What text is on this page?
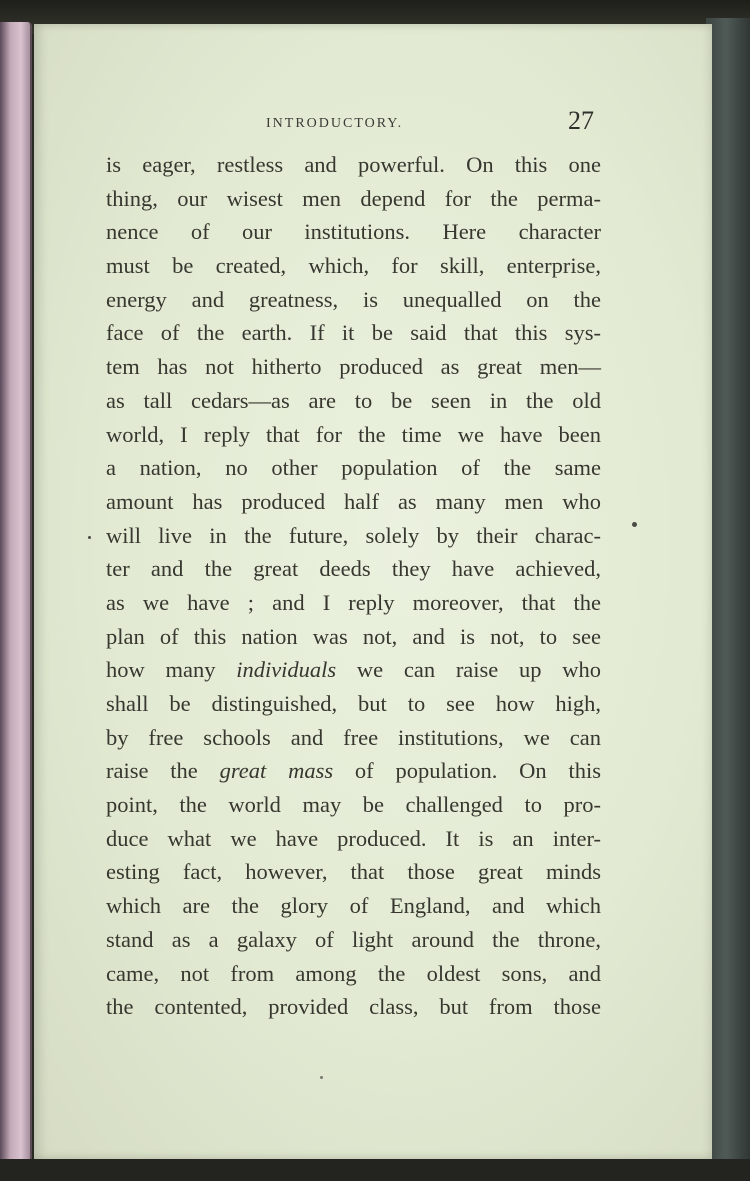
INTRODUCTORY.	27
is eager, restless and powerful. On this one
thing, our wisest men depend for the perma-
nence of our institutions. Here character
must be created, which, for skill, enterprise,
energy and greatness, is unequalled on the
face of the earth. If it be said that this sys-
tem has not hitherto produced as great men—
as tall cedars—as are to be seen in the old
world, I reply that for the time we have been
a nation, no other population of the same
amount has produced half as many men who
will live in the future, solely by their charac-
ter and the great deeds they have achieved,
as we have ; and I reply moreover, that the
plan of this nation was not, and is not, to see
how many individuals we can raise up who
shall be distinguished, but to see how high,
by free schools and free institutions, we can
raise the great mass of population. On this
point, the world may be challenged to pro-
duce what we have produced. It is an inter-
esting fact, however, that those great minds
which are the glory of England, and which
stand as a galaxy of light around the throne,
came, not from among the oldest sons, and
the contented, provided class, but from those
